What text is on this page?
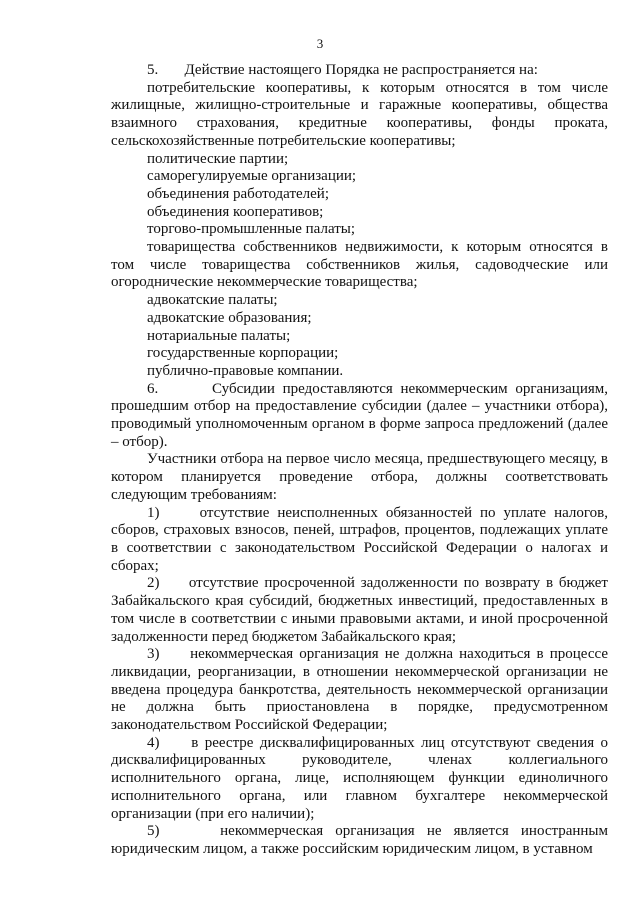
3

5.       Действие настоящего Порядка не распространяется на:

потребительские кооперативы, к которым относятся в том числе жилищные, жилищно-строительные и гаражные кооперативы, общества взаимного страхования, кредитные кооперативы, фонды проката, сельскохозяйственные потребительские кооперативы;

политические партии;

саморегулируемые организации;

объединения работодателей;

объединения кооперативов;

торгово-промышленные палаты;

товарищества собственников недвижимости, к которым относятся в том числе товарищества собственников жилья, садоводческие или огороднические некоммерческие товарищества;

адвокатские палаты;

адвокатские образования;

нотариальные палаты;

государственные корпорации;

публично-правовые компании.

6.       Субсидии предоставляются некоммерческим организациям, прошедшим отбор на предоставление субсидии (далее – участники отбора), проводимый уполномоченным органом в форме запроса предложений (далее – отбор).

Участники отбора на первое число месяца, предшествующего месяцу, в котором планируется проведение отбора, должны соответствовать следующим требованиям:

1)     отсутствие неисполненных обязанностей по уплате налогов, сборов, страховых взносов, пеней, штрафов, процентов, подлежащих уплате в соответствии с законодательством Российской Федерации о налогах и сборах;

2)     отсутствие просроченной задолженности по возврату в бюджет Забайкальского края субсидий, бюджетных инвестиций, предоставленных в том числе в соответствии с иными правовыми актами, и иной просроченной задолженности перед бюджетом Забайкальского края;

3)     некоммерческая организация не должна находиться в процессе ликвидации, реорганизации, в отношении некоммерческой организации не введена процедура банкротства, деятельность некоммерческой организации не должна быть приостановлена в порядке, предусмотренном законодательством Российской Федерации;

4)     в реестре дисквалифицированных лиц отсутствуют сведения о дисквалифицированных руководителе, членах коллегиального исполнительного органа, лице, исполняющем функции единоличного исполнительного органа, или главном бухгалтере некоммерческой организации (при его наличии);

5)     некоммерческая организация не является иностранным юридическим лицом, а также российским юридическим лицом, в уставном
